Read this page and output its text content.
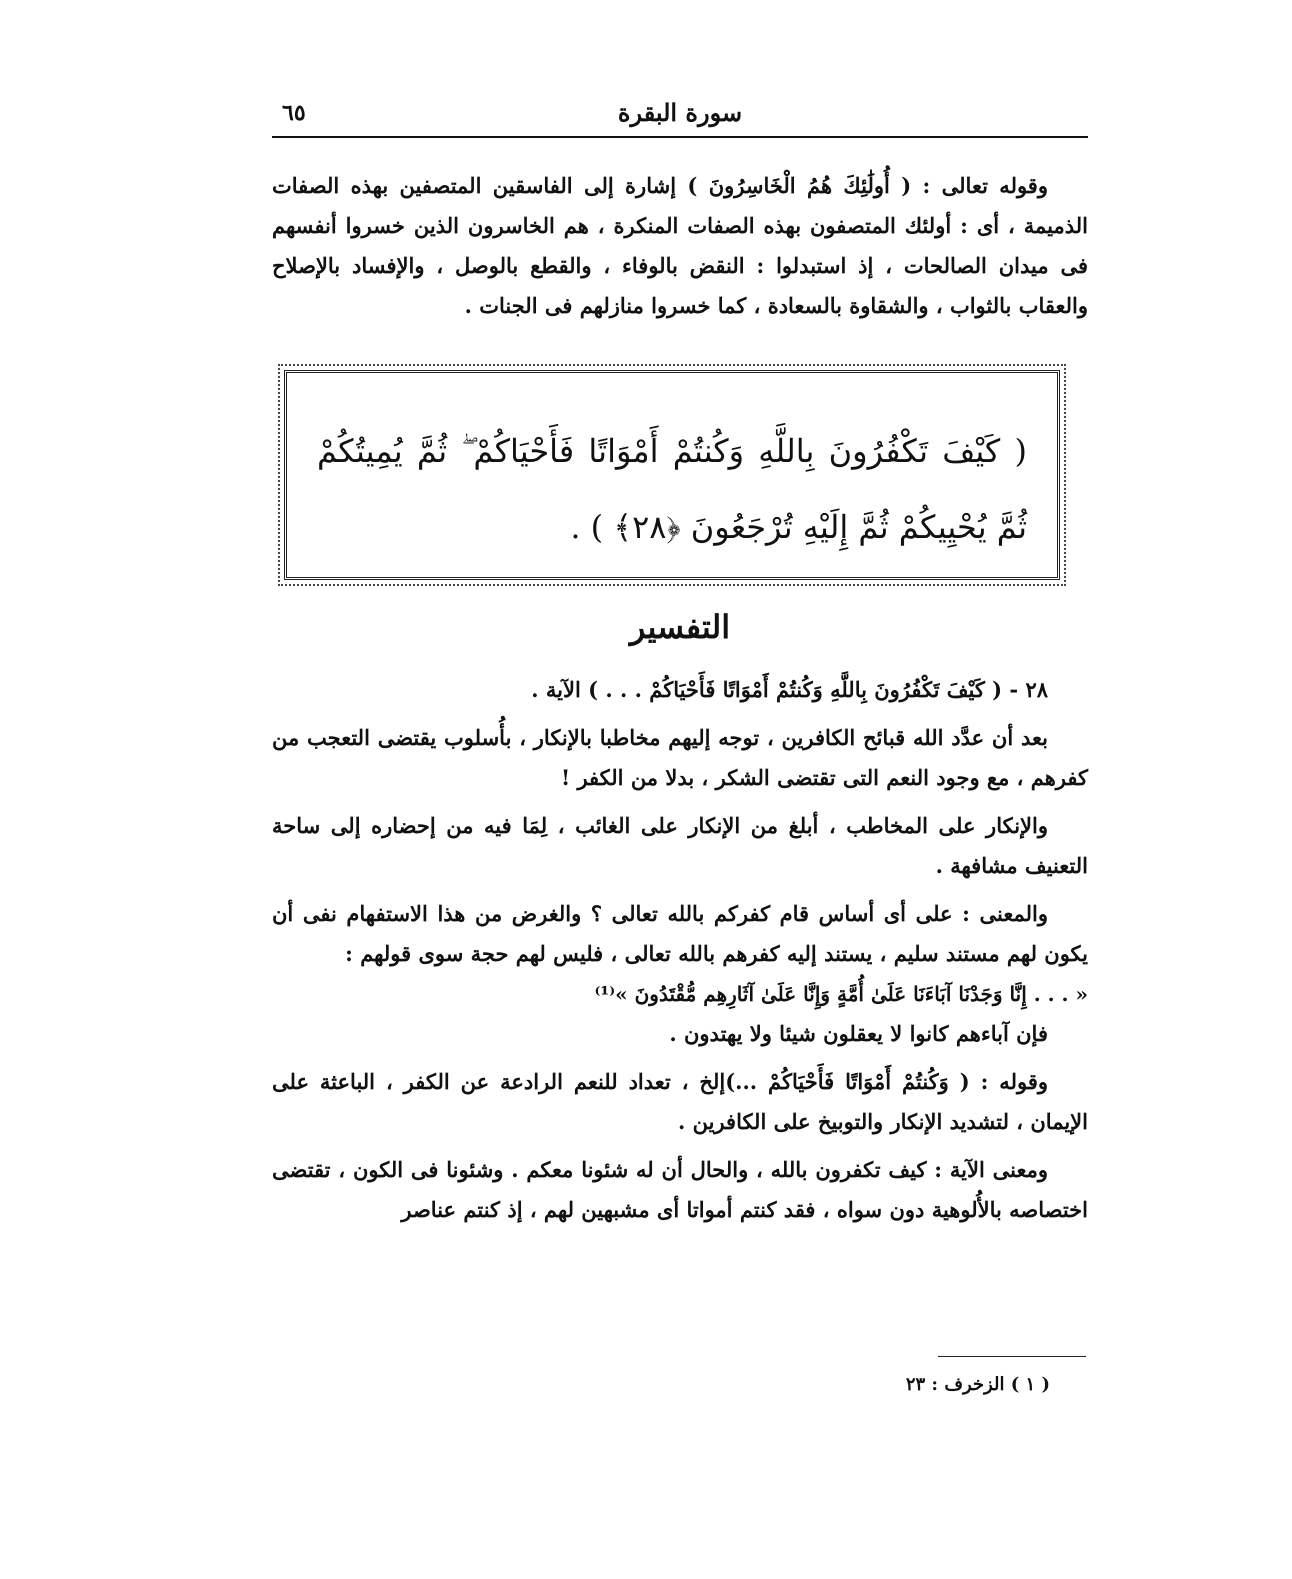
سورة البقرة
٦٥

وقوله تعالى : ( أُولَٰئِكَ هُمُ الْخَاسِرُونَ ) إشارة إلى الفاسقين المتصفين بهذه الصفات الذميمة ، أى : أولئك المتصفون بهذه الصفات المنكرة ، هم الخاسرون الذين خسروا أنفسهم فى ميدان الصالحات ، إذ استبدلوا : النقض بالوفاء ، والقطع بالوصل ، والإفساد بالإصلاح والعقاب بالثواب ، والشقاوة بالسعادة ، كما خسروا منازلهم فى الجنات .

( كَيْفَ تَكْفُرُونَ بِاللَّهِ وَكُنتُمْ أَمْوَاتًا فَأَحْيَاكُمْ ۖ ثُمَّ يُمِيتُكُمْ ثُمَّ يُحْيِيكُمْ ثُمَّ إِلَيْهِ تُرْجَعُونَ ﴿٢٨﴾ ) .
التفسير

٢٨ - ( كَيْفَ تَكْفُرُونَ بِاللَّهِ وَكُنتُمْ أَمْوَاتًا فَأَحْيَاكُمْ . . . ) الآية .

بعد أن عدَّد الله قبائح الكافرين ، توجه إليهم مخاطبا بالإنكار ، بأُسلوب يقتضى التعجب من كفرهم ، مع وجود النعم التى تقتضى الشكر ، بدلا من الكفر !

والإنكار على المخاطب ، أبلغ من الإنكار على الغائب ، لِمَا فيه من إحضاره إلى ساحة التعنيف مشافهة .

والمعنى : على أى أساس قام كفركم بالله تعالى ؟ والغرض من هذا الاستفهام نفى أن يكون لهم مستند سليم ، يستند إليه كفرهم بالله تعالى ، فليس لهم حجة سوى قولهم :

« . . . إِنَّا وَجَدْنَا آبَاءَنَا عَلَىٰ أُمَّةٍ وَإِنَّا عَلَىٰ آثَارِهِم مُّقْتَدُونَ »⁽¹⁾

فإن آباءهم كانوا لا يعقلون شيئا ولا يهتدون .

وقوله : ( وَكُنتُمْ أَمْوَاتًا فَأَحْيَاكُمْ ...)إلخ ، تعداد للنعم الرادعة عن الكفر ، الباعثة على الإيمان ، لتشديد الإنكار والتوبيخ على الكافرين .

ومعنى الآية : كيف تكفرون بالله ، والحال أن له شئونا معكم . وشئونا فى الكون ، تقتضى اختصاصه بالأُلوهية دون سواه ، فقد كنتم أمواتا أى مشبهين لهم ، إذ كنتم عناصر

( ١ ) الزخرف : ٢٣
